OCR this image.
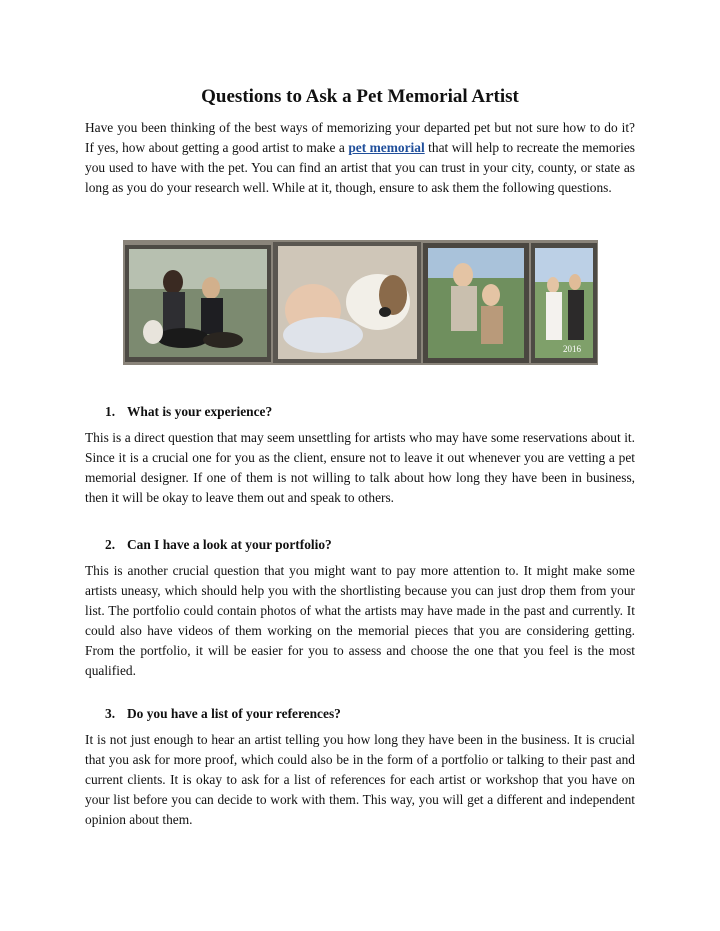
Questions to Ask a Pet Memorial Artist

Have you been thinking of the best ways of memorizing your departed pet but not sure how to do it? If yes, how about getting a good artist to make a pet memorial that will help to recreate the memories you used to have with the pet. You can find an artist that you can trust in your city, county, or state as long as you do your research well. While at it, though, ensure to ask them the following questions.

2016

1. What is your experience?

This is a direct question that may seem unsettling for artists who may have some reservations about it. Since it is a crucial one for you as the client, ensure not to leave it out whenever you are vetting a pet memorial designer. If one of them is not willing to talk about how long they have been in business, then it will be okay to leave them out and speak to others.

2. Can I have a look at your portfolio?

This is another crucial question that you might want to pay more attention to. It might make some artists uneasy, which should help you with the shortlisting because you can just drop them from your list. The portfolio could contain photos of what the artists may have made in the past and currently. It could also have videos of them working on the memorial pieces that you are considering getting. From the portfolio, it will be easier for you to assess and choose the one that you feel is the most qualified.

3. Do you have a list of your references?

It is not just enough to hear an artist telling you how long they have been in the business. It is crucial that you ask for more proof, which could also be in the form of a portfolio or talking to their past and current clients. It is okay to ask for a list of references for each artist or workshop that you have on your list before you can decide to work with them. This way, you will get a different and independent opinion about them.
